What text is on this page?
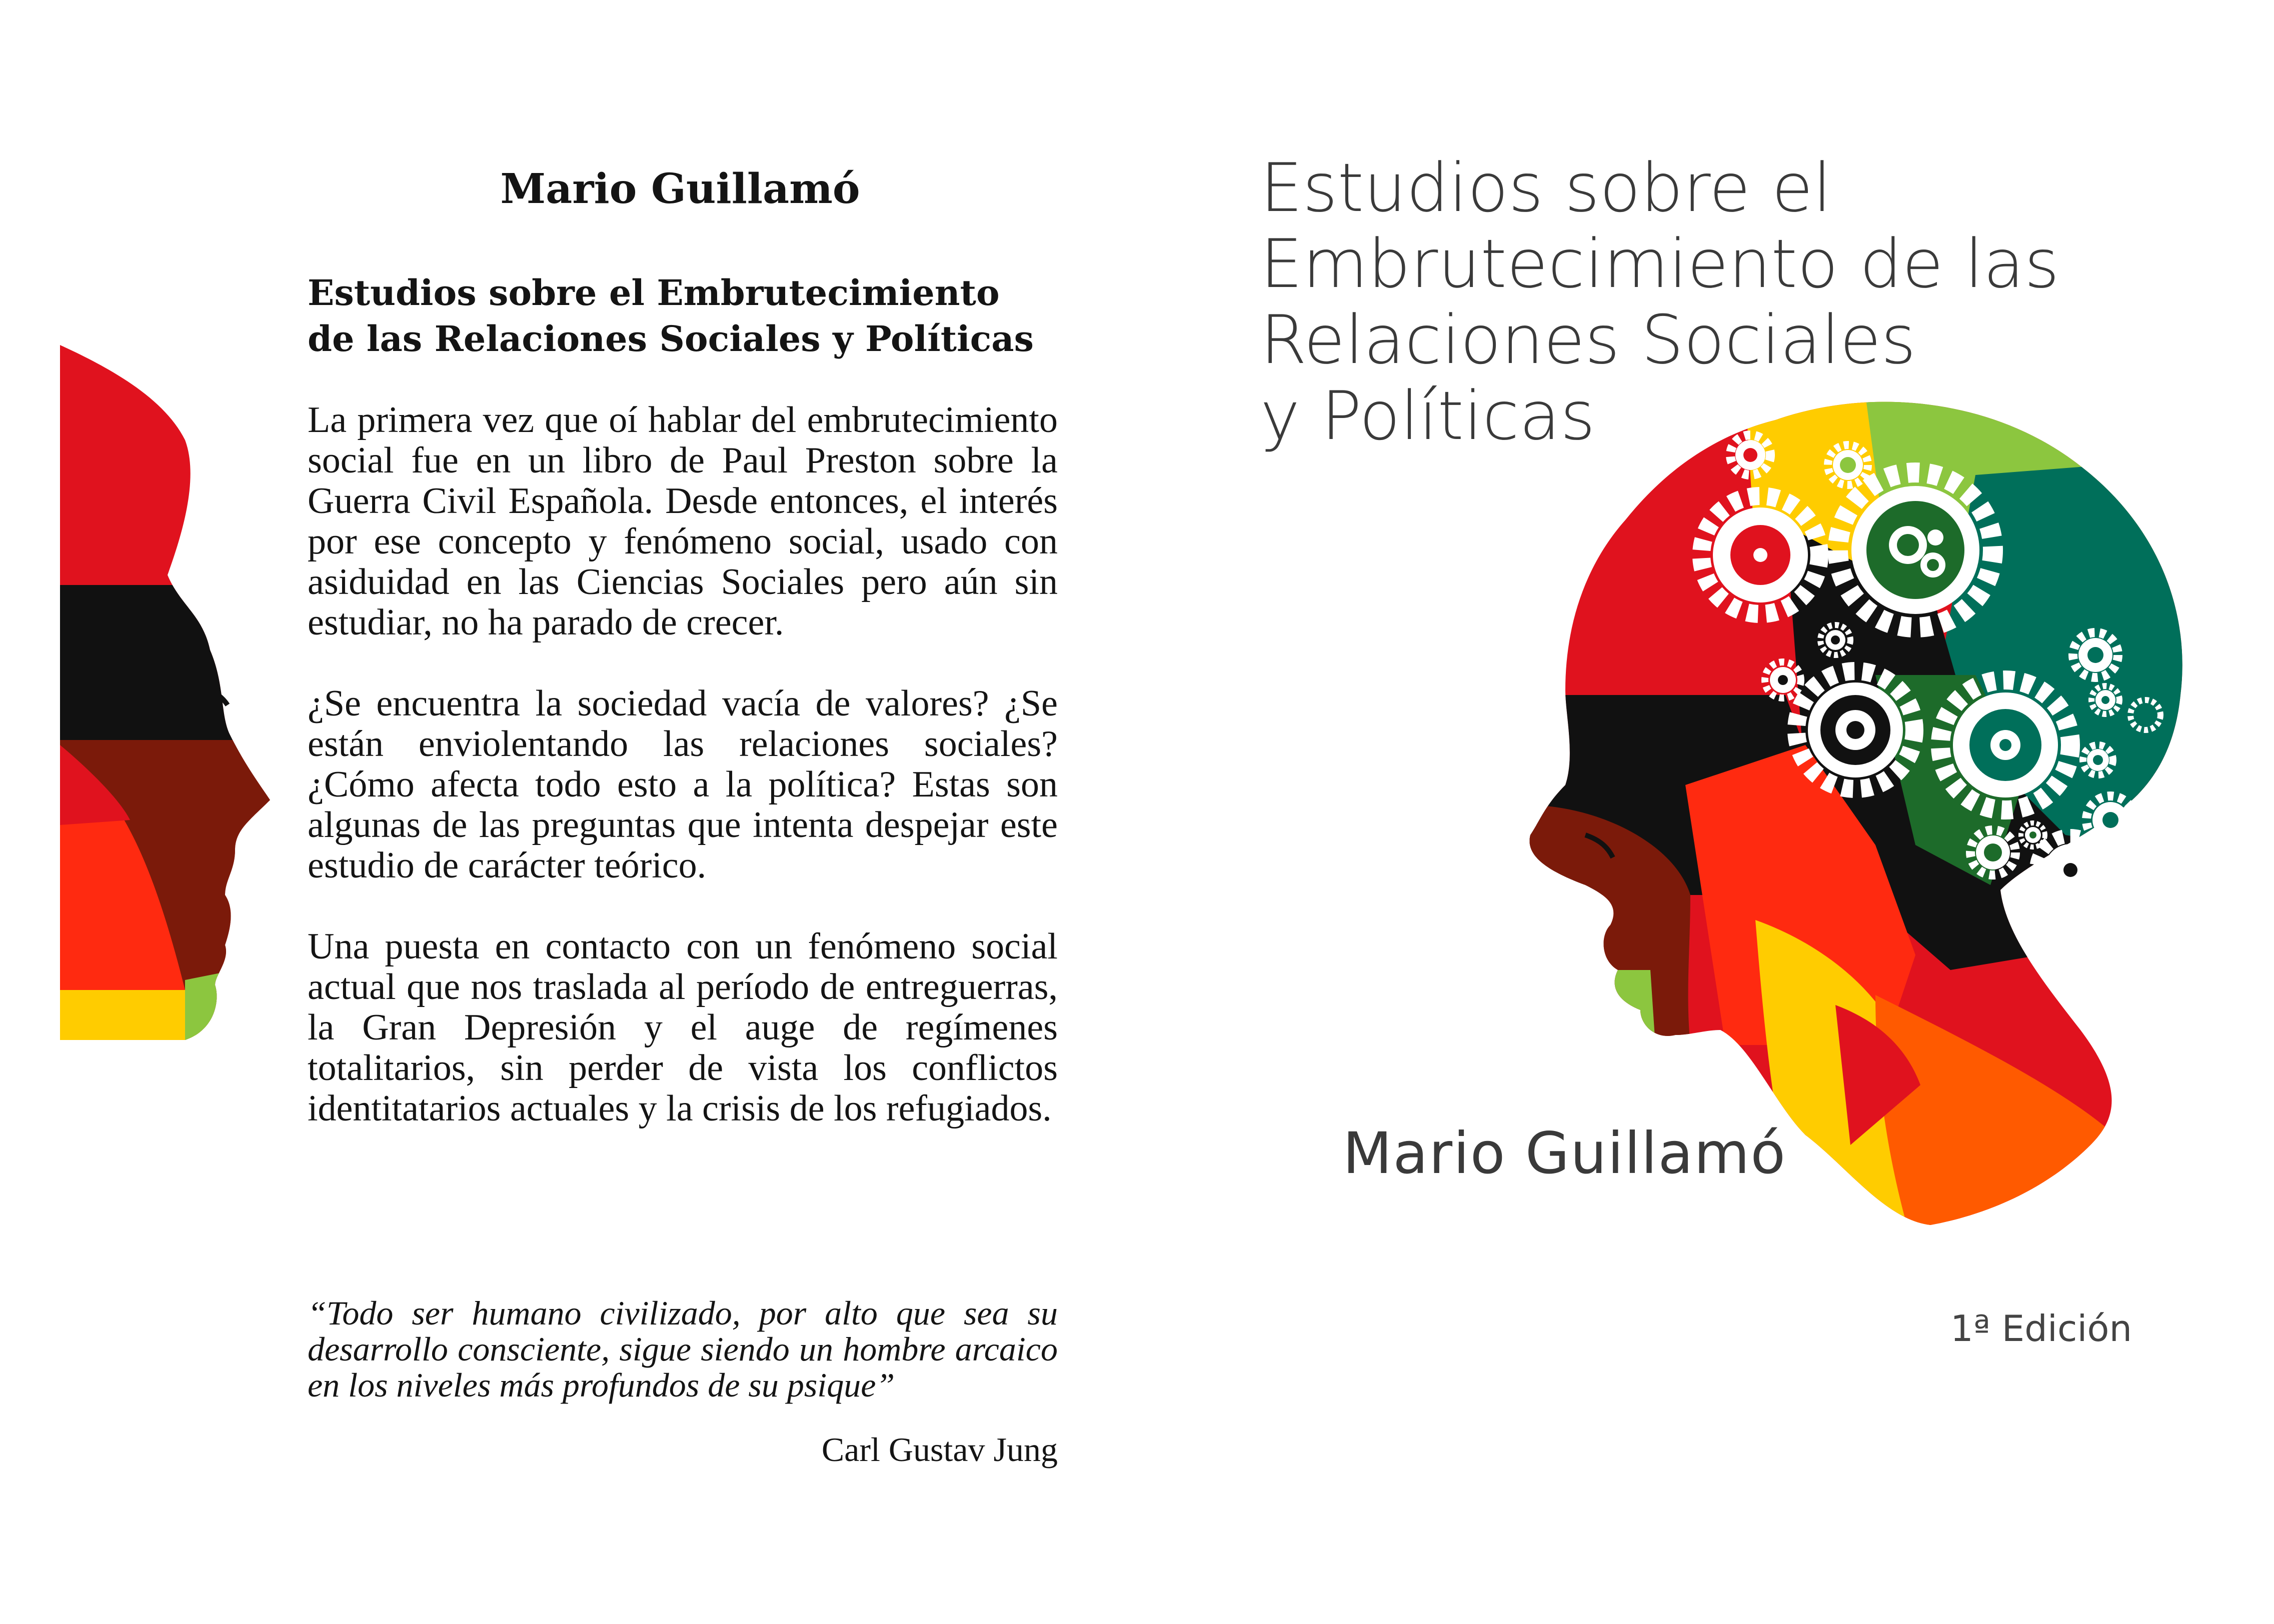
Mario Guillamó
Estudios sobre el Embrutecimiento de las Relaciones Sociales y Políticas

La primera vez que oí hablar del embrutecimiento social fue en un libro de Paul Preston sobre la Guerra Civil Española. Desde entonces, el interés por ese concepto y fenómeno social, usado con asiduidad en las Ciencias Sociales pero aún sin estudiar, no ha parado de crecer.

¿Se encuentra la sociedad vacía de valores? ¿Se están enviolentando las relaciones sociales? ¿Cómo afecta todo esto a la política? Estas son algunas de las preguntas que intenta despejar este estudio de carácter teórico.

Una puesta en contacto con un fenómeno social actual que nos traslada al período de entreguerras, la Gran Depresión y el auge de regímenes totalitarios, sin perder de vista los conflictos identitatarios actuales y la crisis de los refugiados.

“Todo ser humano civilizado, por alto que sea su desarrollo consciente, sigue siendo un hombre arcaico en los niveles más profundos de su psique”
Carl Gustav Jung
Estudios sobre el
Embrutecimiento de las
Relaciones Sociales
y Políticas
Mario Guillamó
1ª Edición
